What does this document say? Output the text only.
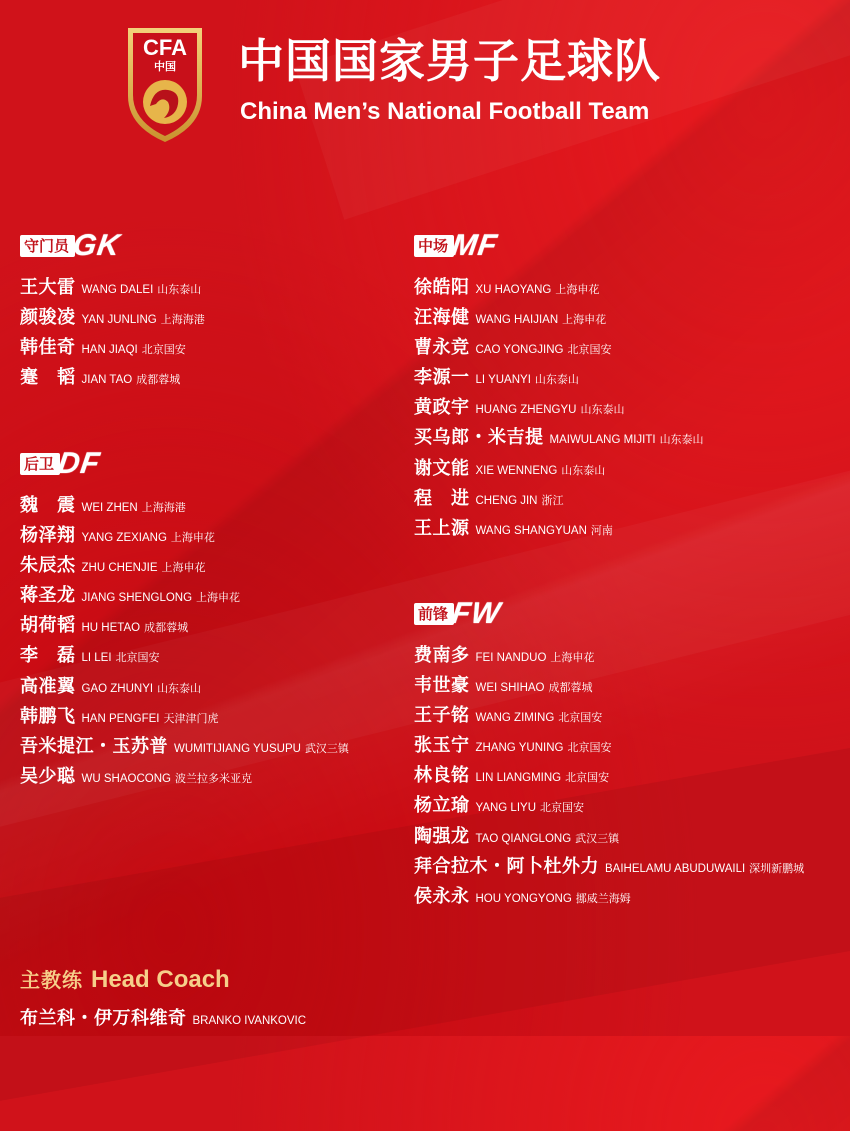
CFA
中国 中国国家男子足球队
China Men’s National Football Team
守门员 GK
王大雷 WANG DALEI 山东泰山
颜骏凌 YAN JUNLING 上海海港
韩佳奇 HAN JIAQI 北京国安
蹇　韬 JIAN TAO 成都蓉城
后卫 DF
魏　震 WEI ZHEN 上海海港
杨泽翔 YANG ZEXIANG 上海申花
朱辰杰 ZHU CHENJIE 上海申花
蒋圣龙 JIANG SHENGLONG 上海申花
胡荷韬 HU HETAO 成都蓉城
李　磊 LI LEI 北京国安
高准翼 GAO ZHUNYI 山东泰山
韩鹏飞 HAN PENGFEI 天津津门虎
吾米提江・玉苏普 WUMITIJIANG YUSUPU 武汉三镇
吴少聪 WU SHAOCONG 波兰拉多米亚克
中场 MF
徐皓阳 XU HAOYANG 上海申花
汪海健 WANG HAIJIAN 上海申花
曹永竞 CAO YONGJING 北京国安
李源一 LI YUANYI 山东泰山
黄政宇 HUANG ZHENGYU 山东泰山
买乌郎・米吉提 MAIWULANG MIJITI 山东泰山
谢文能 XIE WENNENG 山东泰山
程　进 CHENG JIN 浙江
王上源 WANG SHANGYUAN 河南
前锋 FW
费南多 FEI NANDUO 上海申花
韦世豪 WEI SHIHAO 成都蓉城
王子铭 WANG ZIMING 北京国安
张玉宁 ZHANG YUNING 北京国安
林良铭 LIN LIANGMING 北京国安
杨立瑜 YANG LIYU 北京国安
陶强龙 TAO QIANGLONG 武汉三镇
拜合拉木・阿卜杜外力 BAIHELAMU ABUDUWAILI 深圳新鹏城
侯永永 HOU YONGYONG 挪威兰海姆
主教练 Head Coach
布兰科・伊万科维奇 BRANKO IVANKOVIC
